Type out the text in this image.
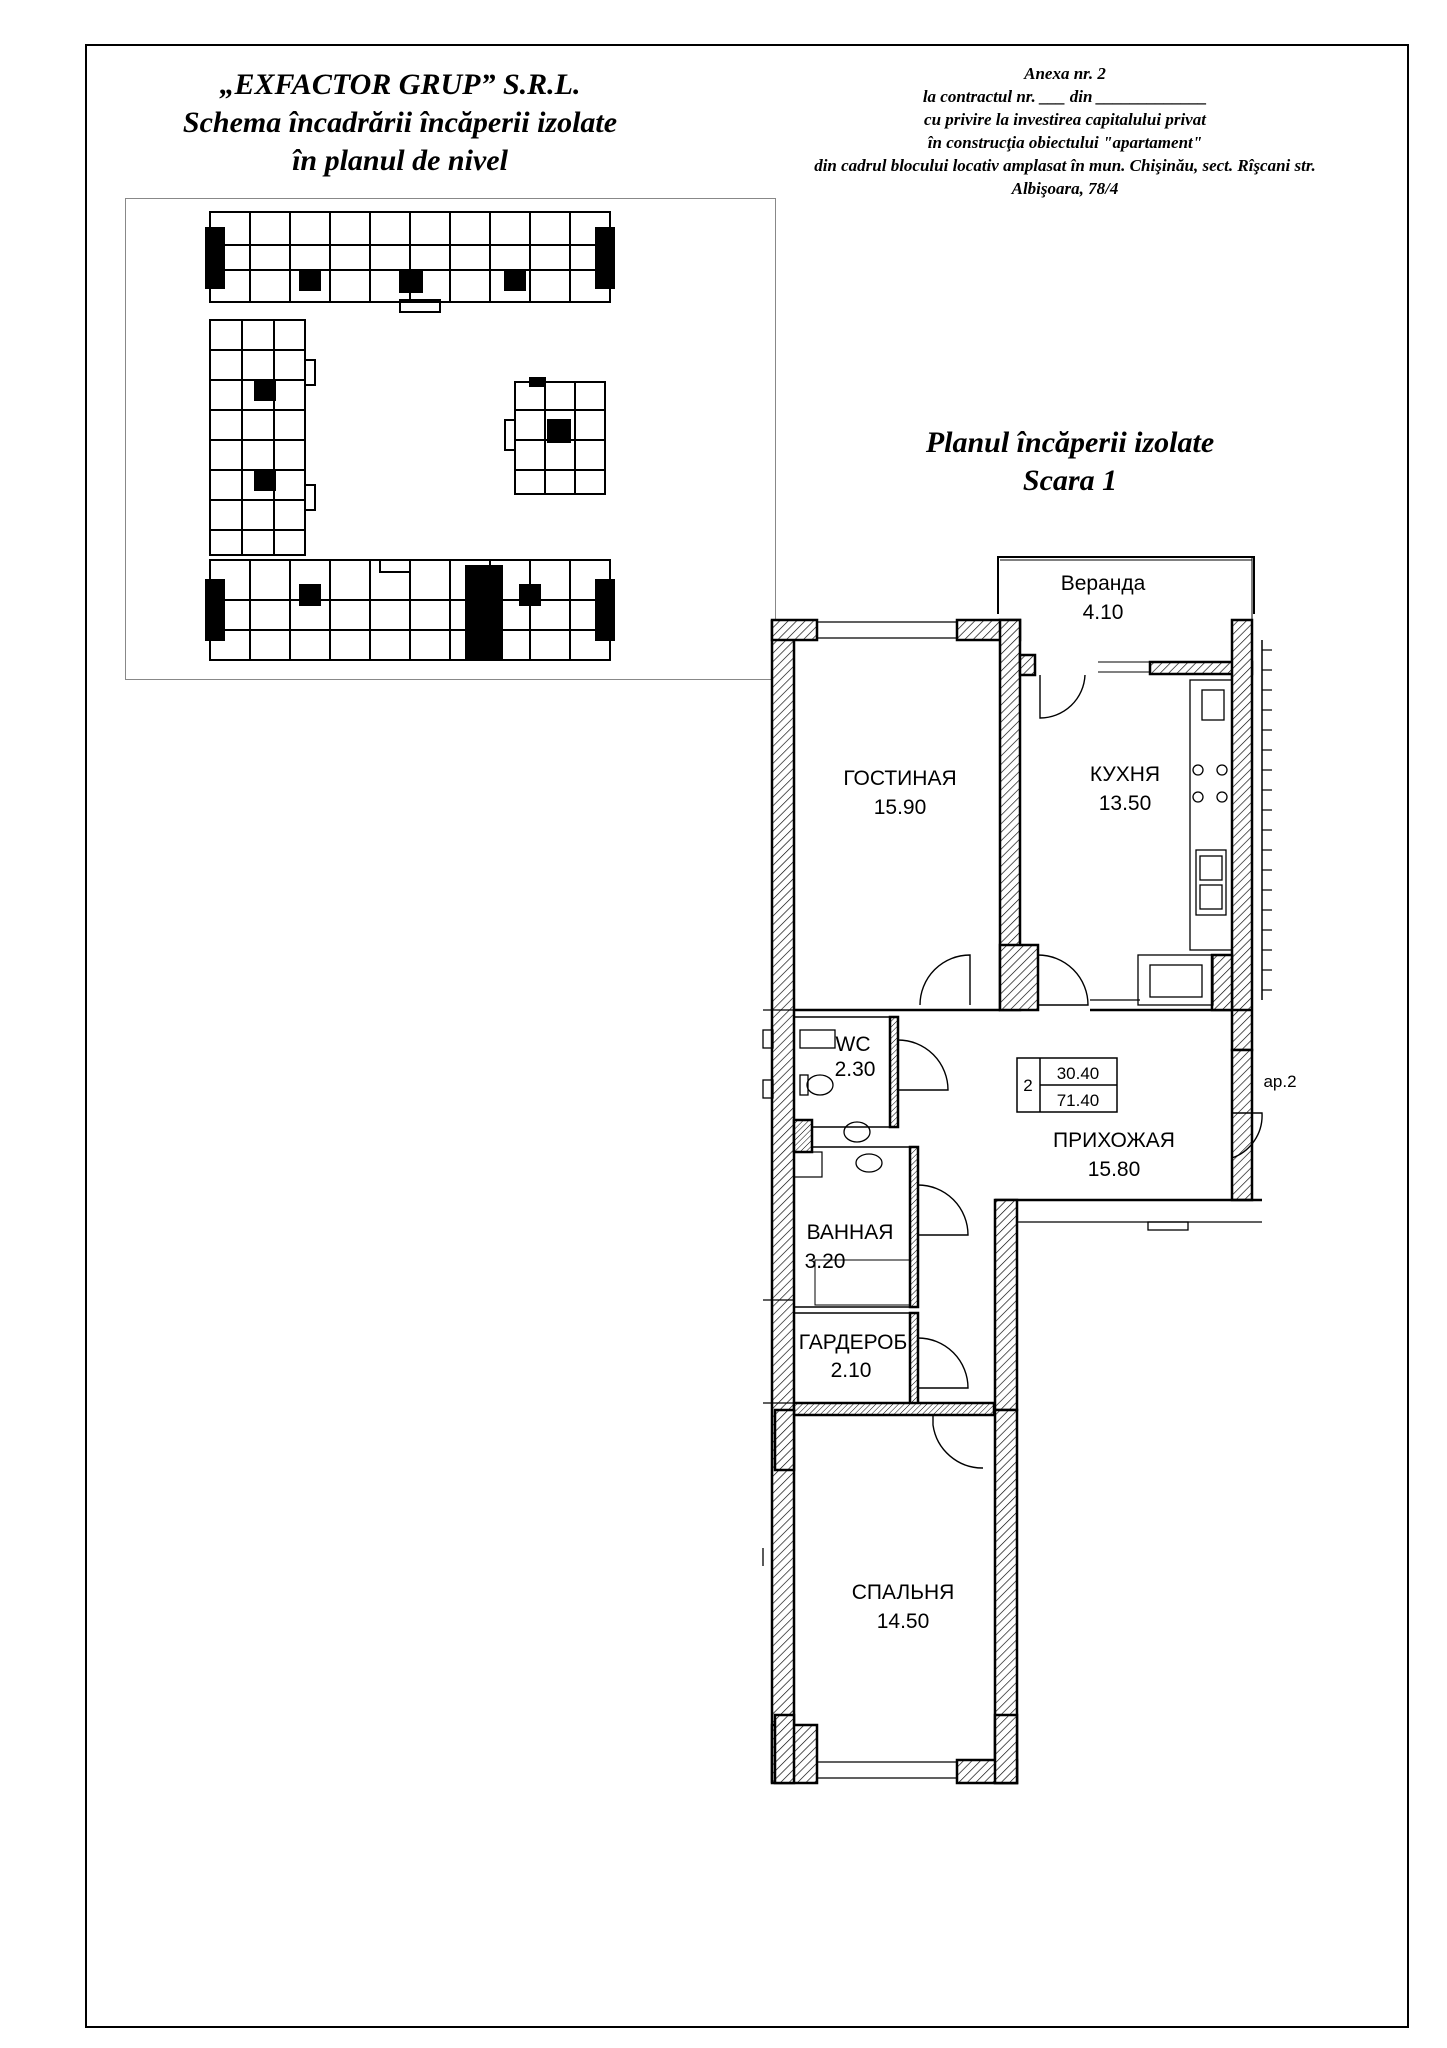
„EXFACTOR GRUP” S.R.L.
Schema încadrării încăperii izolate
în planul de nivel
Anexa nr. 2
la contractul nr. ___ din _____________
cu privire la investirea capitalului privat
în construcţia obiectului "apartament"
din cadrul blocului locativ amplasat în mun. Chişinău, sect. Rîşcani str.
Albişoara, 78/4
Planul încăperii izolate
Scara 1
Веранда
4.10
ГОСТИНАЯ
15.90
КУХНЯ
13.50
WC
2.30
ПРИХОЖАЯ
15.80
ВАННАЯ
3.20
ГАРДЕРОБ
2.10
СПАЛЬНЯ
14.50
2
30.40
71.40
ap.2
